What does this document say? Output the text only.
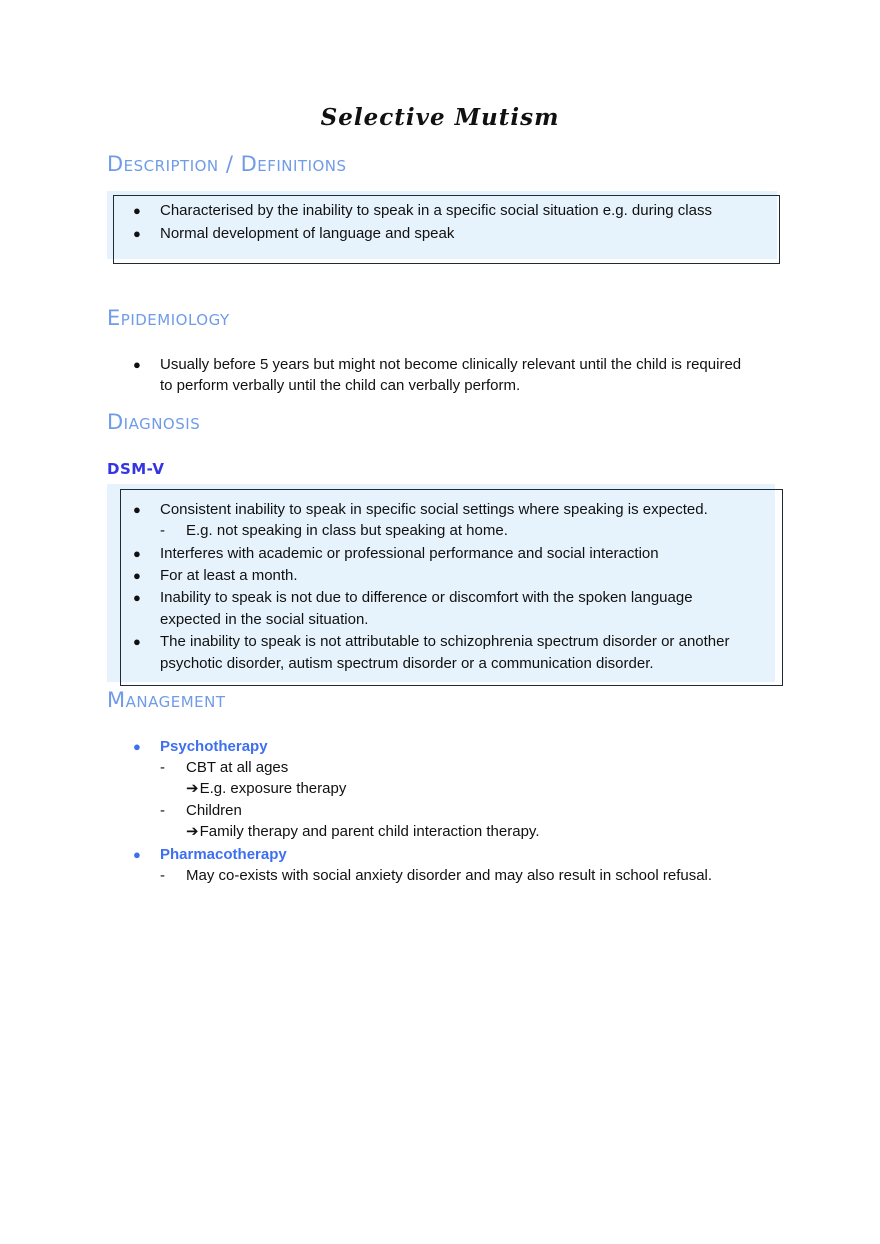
Selective Mutism
Description / Definitions
● Characterised by the inability to speak in a specific social situation e.g. during class
● Normal development of language and speak
Epidemiology
● Usually before 5 years but might not become clinically relevant until the child is required
to perform verbally until the child can verbally perform.
Diagnosis
DSM-V
● Consistent inability to speak in specific social settings where speaking is expected.
- E.g. not speaking in class but speaking at home.
● Interferes with academic or professional performance and social interaction
● For at least a month.
● Inability to speak is not due to difference or discomfort with the spoken language
expected in the social situation.
● The inability to speak is not attributable to schizophrenia spectrum disorder or another
psychotic disorder, autism spectrum disorder or a communication disorder.
Management
● Psychotherapy
- CBT at all ages
➔E.g. exposure therapy
- Children
➔Family therapy and parent child interaction therapy.
● Pharmacotherapy
- May co-exists with social anxiety disorder and may also result in school refusal.
